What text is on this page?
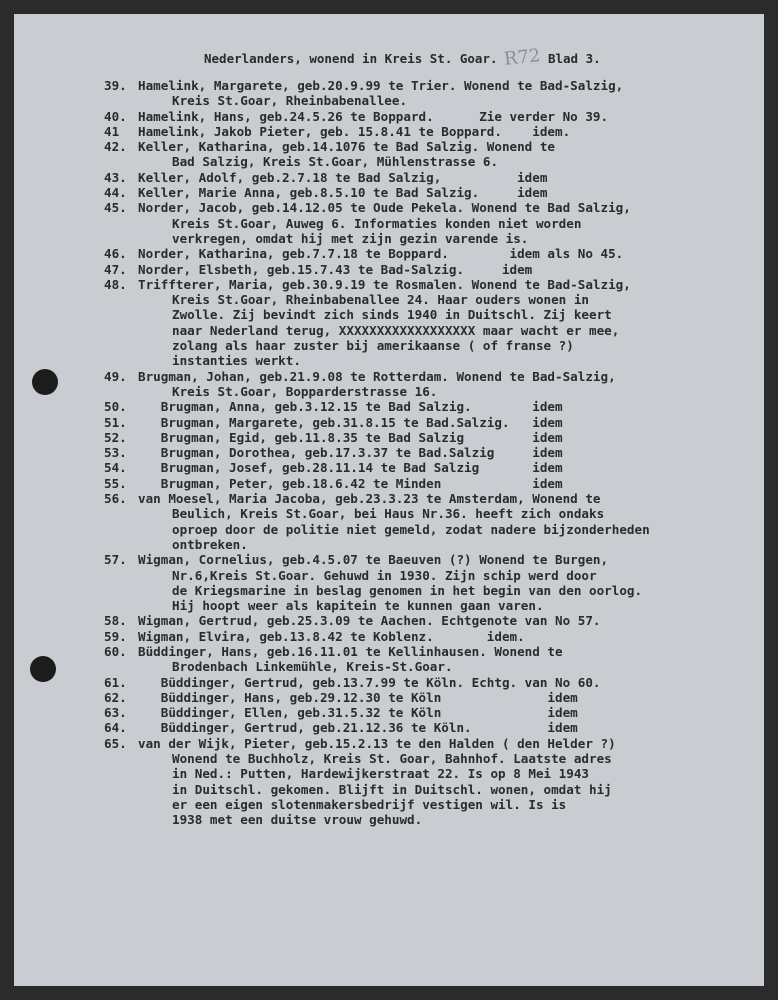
Nederlanders, wonend in Kreis St. Goar. R72 Blad 3.
39. Hamelink, Margarete, geb.20.9.99 te Trier. Wonend te Bad-Salzig,
Kreis St.Goar, Rheinbabenallee.
40. Hamelink, Hans, geb.24.5.26 te Boppard.      Zie verder No 39.
41	Hamelink, Jakob Pieter, geb. 15.8.41 te Boppard.    idem.
42. Keller, Katharina, geb.14.1076 te Bad Salzig. Wonend te
Bad Salzig, Kreis St.Goar, Mühlenstrasse 6.
43. Keller, Adolf, geb.2.7.18 te Bad Salzig,          idem
44. Keller, Marie Anna, geb.8.5.10 te Bad Salzig.     idem
45. Norder, Jacob, geb.14.12.05 te Oude Pekela. Wonend te Bad Salzig,
Kreis St.Goar, Auweg 6. Informaties konden niet worden
verkregen, omdat hij met zijn gezin varende is.
46. Norder, Katharina, geb.7.7.18 te Boppard.        idem als No 45.
47. Norder, Elsbeth, geb.15.7.43 te Bad-Salzig.     idem
48. Triffterer, Maria, geb.30.9.19 te Rosmalen. Wonend te Bad-Salzig,
Kreis St.Goar, Rheinbabenallee 24. Haar ouders wonen in
Zwolle. Zij bevindt zich sinds 1940 in Duitschl. Zij keert
naar Nederland terug, XXXXXXXXXXXXXXXXXX maar wacht er mee,
zolang als haar zuster bij amerikaanse ( of franse ?)
instanties werkt.
49. Brugman, Johan, geb.21.9.08 te Rotterdam. Wonend te Bad-Salzig,
Kreis St.Goar, Bopparderstrasse 16.
50. Brugman, Anna, geb.3.12.15 te Bad Salzig.        idem
51. Brugman, Margarete, geb.31.8.15 te Bad.Salzig.   idem
52. Brugman, Egid, geb.11.8.35 te Bad Salzig         idem
53. Brugman, Dorothea, geb.17.3.37 te Bad.Salzig     idem
54. Brugman, Josef, geb.28.11.14 te Bad Salzig       idem
55. Brugman, Peter, geb.18.6.42 te Minden            idem
56. van Moesel, Maria Jacoba, geb.23.3.23 te Amsterdam, Wonend te
Beulich, Kreis St.Goar, bei Haus Nr.36. heeft zich ondaks
oproep door de politie niet gemeld, zodat nadere bijzonderheden
ontbreken.
57. Wigman, Cornelius, geb.4.5.07 te Baeuven (?) Wonend te Burgen,
Nr.6,Kreis St.Goar. Gehuwd in 1930. Zijn schip werd door
de Kriegsmarine in beslag genomen in het begin van den oorlog.
Hij hoopt weer als kapitein te kunnen gaan varen.
58. Wigman, Gertrud, geb.25.3.09 te Aachen. Echtgenote van No 57.
59. Wigman, Elvira, geb.13.8.42 te Koblenz.       idem.
60. Büddinger, Hans, geb.16.11.01 te Kellinhausen. Wonend te
Brodenbach Linkemühle, Kreis-St.Goar.
61. Büddinger, Gertrud, geb.13.7.99 te Köln. Echtg. van No 60.
62. Büddinger, Hans, geb.29.12.30 te Köln              idem
63. Büddinger, Ellen, geb.31.5.32 te Köln              idem
64. Büddinger, Gertrud, geb.21.12.36 te Köln.          idem
65. van der Wijk, Pieter, geb.15.2.13 te den Halden ( den Helder ?)
Wonend te Buchholz, Kreis St. Goar, Bahnhof. Laatste adres
in Ned.: Putten, Hardewijkerstraat 22. Is op 8 Mei 1943
in Duitschl. gekomen. Blijft in Duitschl. wonen, omdat hij
er een eigen slotenmakersbedrijf vestigen wil. Is is
1938 met een duitse vrouw gehuwd.
